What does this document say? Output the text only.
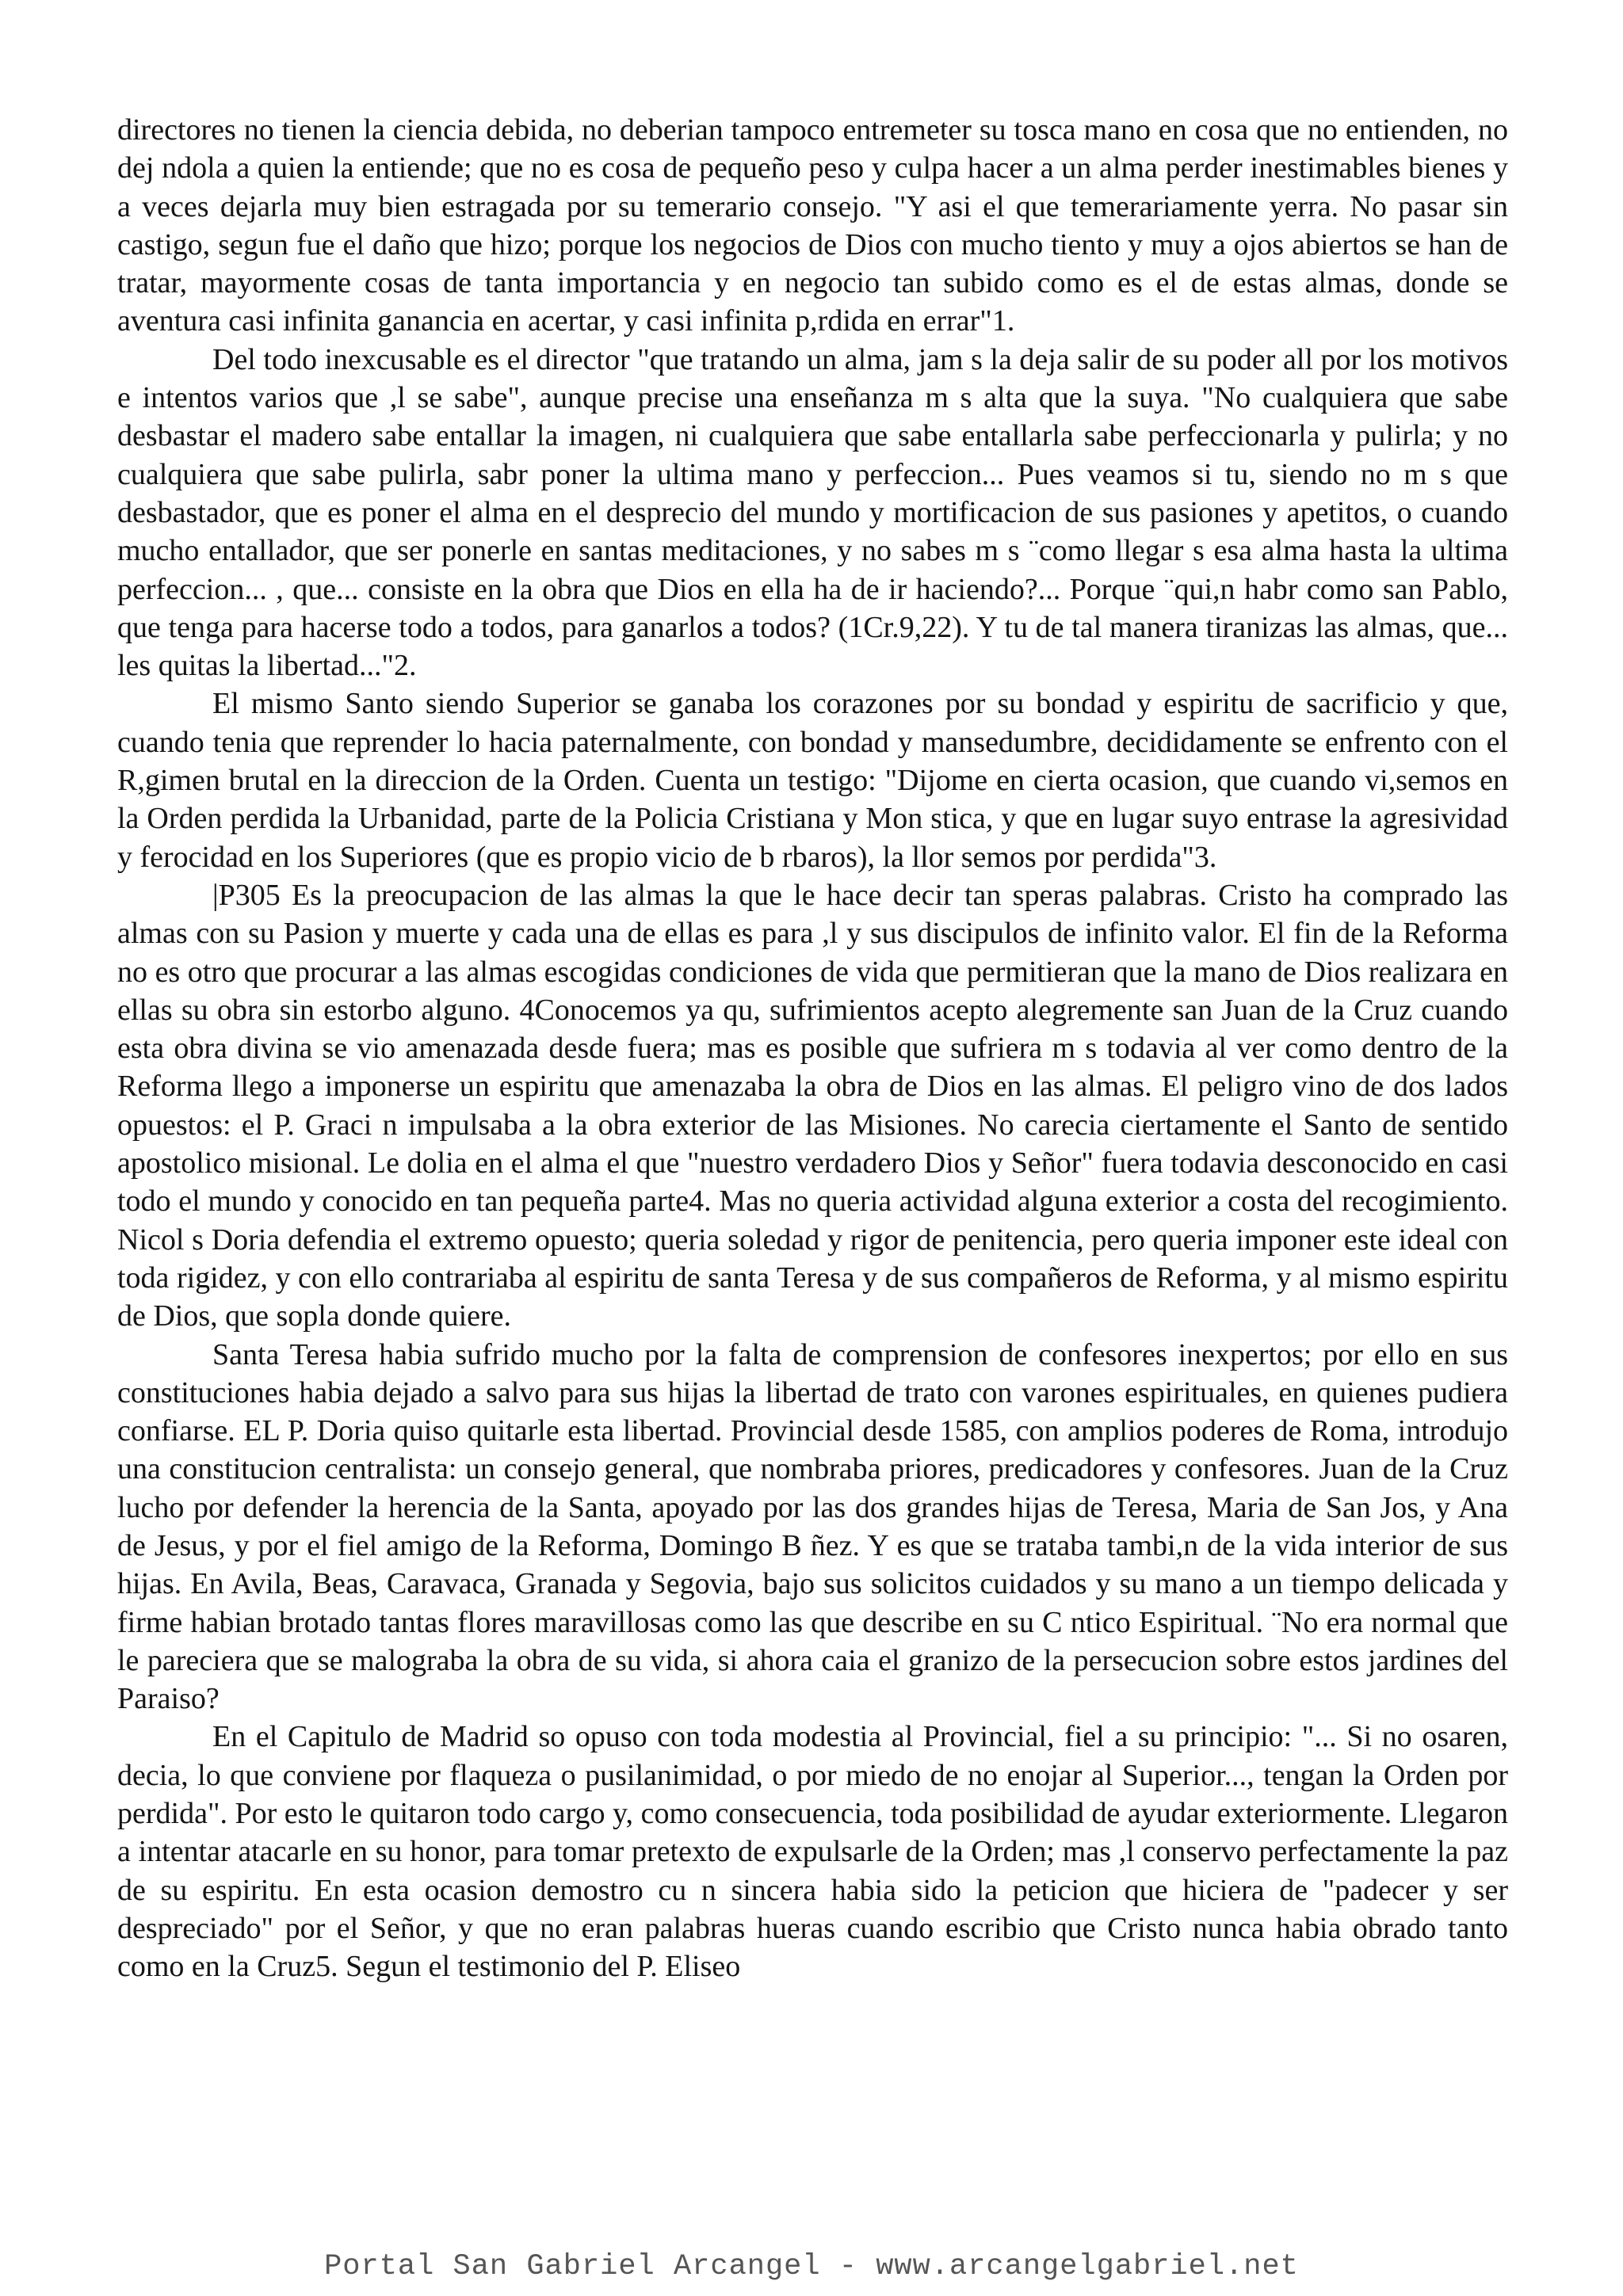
directores no tienen la ciencia debida, no deberian tampoco entremeter su tosca mano en cosa que no entienden, no dej ndola a quien la entiende; que no es cosa de pequeño peso y culpa hacer a un alma perder inestimables bienes y a veces dejarla muy bien estragada por su temerario consejo. "Y asi el que temerariamente yerra. No pasar sin castigo, segun fue el daño que hizo; porque los negocios de Dios con mucho tiento y muy a ojos abiertos se han de tratar, mayormente cosas de tanta importancia y en negocio tan subido como es el de estas almas, donde se aventura casi infinita ganancia en acertar, y casi infinita p,rdida en errar"1.

Del todo inexcusable es el director "que tratando un alma, jam s la deja salir de su poder all por los motivos e intentos varios que ,l se sabe", aunque precise una enseñanza m s alta que la suya. "No cualquiera que sabe desbastar el madero sabe entallar la imagen, ni cualquiera que sabe entallarla sabe perfeccionarla y pulirla; y no cualquiera que sabe pulirla, sabr poner la ultima mano y perfeccion... Pues veamos si tu, siendo no m s que desbastador, que es poner el alma en el desprecio del mundo y mortificacion de sus pasiones y apetitos, o cuando mucho entallador, que ser ponerle en santas meditaciones, y no sabes m s ¨como llegar s esa alma hasta la ultima perfeccion... , que... consiste en la obra que Dios en ella ha de ir haciendo?... Porque ¨qui,n habr como san Pablo, que tenga para hacerse todo a todos, para ganarlos a todos? (1Cr.9,22). Y tu de tal manera tiranizas las almas, que... les quitas la libertad..."2.

El mismo Santo siendo Superior se ganaba los corazones por su bondad y espiritu de sacrificio y que, cuando tenia que reprender lo hacia paternalmente, con bondad y mansedumbre, decididamente se enfrento con el R,gimen brutal en la direccion de la Orden. Cuenta un testigo: "Dijome en cierta ocasion, que cuando vi,semos en la Orden perdida la Urbanidad, parte de la Policia Cristiana y Mon stica, y que en lugar suyo entrase la agresividad y ferocidad en los Superiores (que es propio vicio de b rbaros), la llor semos por perdida"3.

|P305 Es la preocupacion de las almas la que le hace decir tan speras palabras. Cristo ha comprado las almas con su Pasion y muerte y cada una de ellas es para ,l y sus discipulos de infinito valor. El fin de la Reforma no es otro que procurar a las almas escogidas condiciones de vida que permitieran que la mano de Dios realizara en ellas su obra sin estorbo alguno. 4Conocemos ya qu, sufrimientos acepto alegremente san Juan de la Cruz cuando esta obra divina se vio amenazada desde fuera; mas es posible que sufriera m s todavia al ver como dentro de la Reforma llego a imponerse un espiritu que amenazaba la obra de Dios en las almas. El peligro vino de dos lados opuestos: el P. Graci n impulsaba a la obra exterior de las Misiones. No carecia ciertamente el Santo de sentido apostolico misional. Le dolia en el alma el que "nuestro verdadero Dios y Señor" fuera todavia desconocido en casi todo el mundo y conocido en tan pequeña parte4. Mas no queria actividad alguna exterior a costa del recogimiento. Nicol s Doria defendia el extremo opuesto; queria soledad y rigor de penitencia, pero queria imponer este ideal con toda rigidez, y con ello contrariaba al espiritu de santa Teresa y de sus compañeros de Reforma, y al mismo espiritu de Dios, que sopla donde quiere.

Santa Teresa habia sufrido mucho por la falta de comprension de confesores inexpertos; por ello en sus constituciones habia dejado a salvo para sus hijas la libertad de trato con varones espirituales, en quienes pudiera confiarse. EL P. Doria quiso quitarle esta libertad. Provincial desde 1585, con amplios poderes de Roma, introdujo una constitucion centralista: un consejo general, que nombraba priores, predicadores y confesores. Juan de la Cruz lucho por defender la herencia de la Santa, apoyado por las dos grandes hijas de Teresa, Maria de San Jos, y Ana de Jesus, y por el fiel amigo de la Reforma, Domingo B ñez. Y es que se trataba tambi,n de la vida interior de sus hijas. En Avila, Beas, Caravaca, Granada y Segovia, bajo sus solicitos cuidados y su mano a un tiempo delicada y firme habian brotado tantas flores maravillosas como las que describe en su C ntico Espiritual. ¨No era normal que le pareciera que se malograba la obra de su vida, si ahora caia el granizo de la persecucion sobre estos jardines del Paraiso?

En el Capitulo de Madrid so opuso con toda modestia al Provincial, fiel a su principio: "... Si no osaren, decia, lo que conviene por flaqueza o pusilanimidad, o por miedo de no enojar al Superior..., tengan la Orden por perdida". Por esto le quitaron todo cargo y, como consecuencia, toda posibilidad de ayudar exteriormente. Llegaron a intentar atacarle en su honor, para tomar pretexto de expulsarle de la Orden; mas ,l conservo perfectamente la paz de su espiritu. En esta ocasion demostro cu n sincera habia sido la peticion que hiciera de "padecer y ser despreciado" por el Señor, y que no eran palabras hueras cuando escribio que Cristo nunca habia obrado tanto como en la Cruz5. Segun el testimonio del P. Eliseo

Portal San Gabriel Arcangel - www.arcangelgabriel.net
